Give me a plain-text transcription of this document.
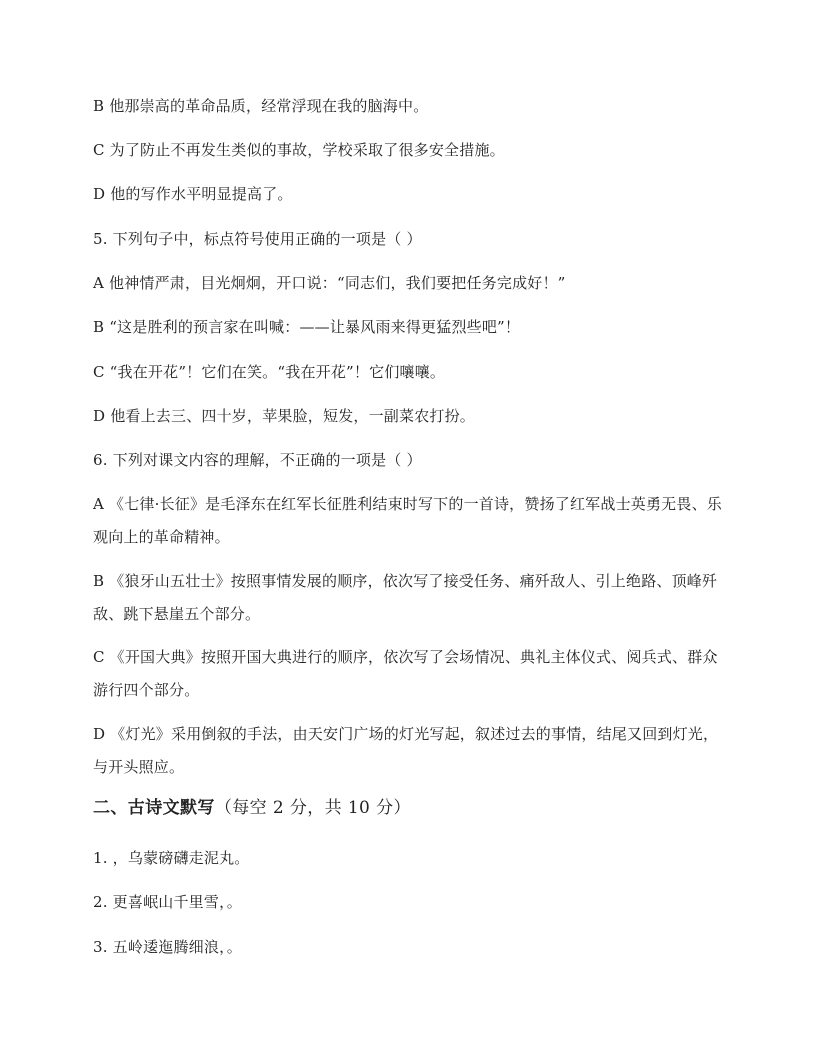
B 他那崇高的革命品质，经常浮现在我的脑海中。
C 为了防止不再发生类似的事故，学校采取了很多安全措施。
D 他的写作水平明显提高了。
5. 下列句子中，标点符号使用正确的一项是（ ）
A 他神情严肃，目光炯炯，开口说：“同志们，我们要把任务完成好！”
B “这是胜利的预言家在叫喊：——让暴风雨来得更猛烈些吧”！
C “我在开花”！它们在笑。“我在开花”！它们嚷嚷。
D 他看上去三、四十岁，苹果脸，短发，一副菜农打扮。
6. 下列对课文内容的理解，不正确的一项是（ ）
A 《七律·长征》是毛泽东在红军长征胜利结束时写下的一首诗，赞扬了红军战士英勇无畏、乐观向上的革命精神。
B 《狼牙山五壮士》按照事情发展的顺序，依次写了接受任务、痛歼敌人、引上绝路、顶峰歼敌、跳下悬崖五个部分。
C 《开国大典》按照开国大典进行的顺序，依次写了会场情况、典礼主体仪式、阅兵式、群众游行四个部分。
D 《灯光》采用倒叙的手法，由天安门广场的灯光写起，叙述过去的事情，结尾又回到灯光，与开头照应。
二、古诗文默写（每空 2 分，共 10 分）
1. ，乌蒙磅礴走泥丸。
2. 更喜岷山千里雪，。
3. 五岭逶迤腾细浪，。
